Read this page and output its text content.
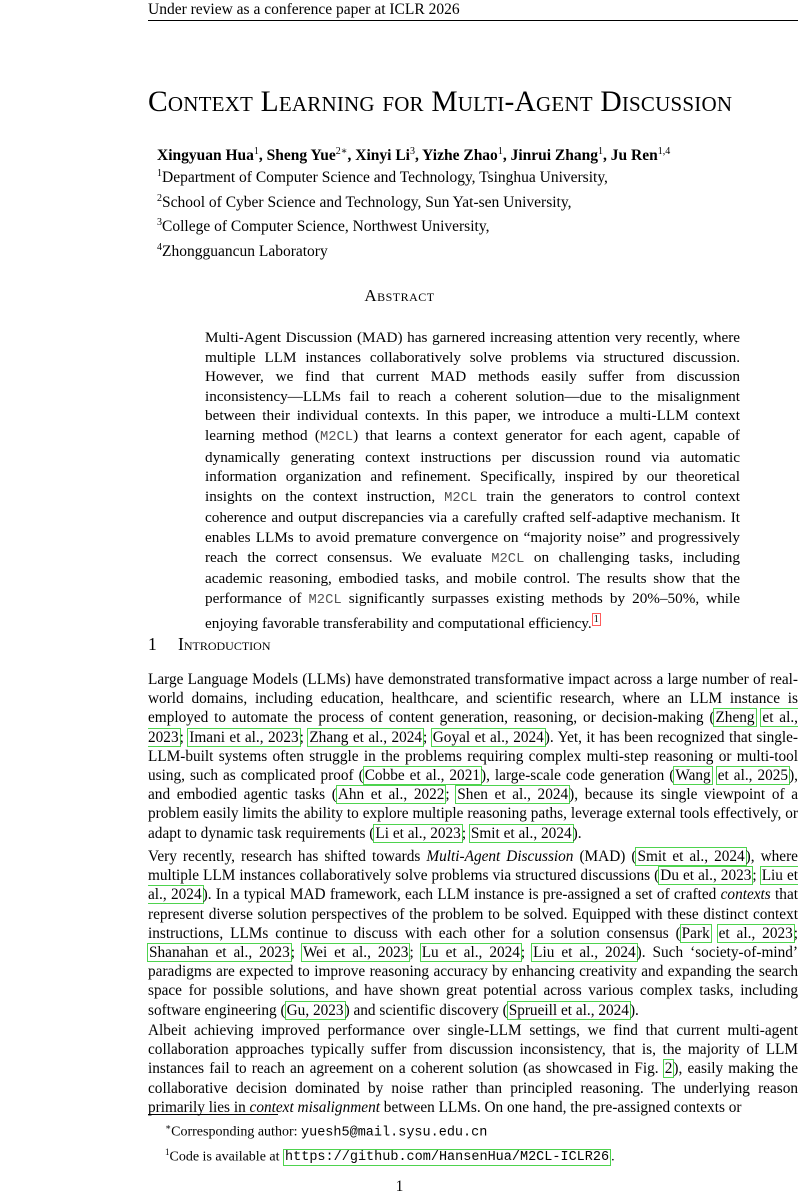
Under review as a conference paper at ICLR 2026
Context Learning for Multi-Agent Discussion
Xingyuan Hua$^1$, Sheng Yue$^{2∗}$, Xinyi Li$^3$, Yizhe Zhao$^1$, Jinrui Zhang$^1$, Ju Ren$^{1,4}$
$^1$Department of Computer Science and Technology, Tsinghua University,
$^2$School of Cyber Science and Technology, Sun Yat-sen University,
$^3$College of Computer Science, Northwest University,
$^4$Zhongguancun Laboratory
Abstract
Multi-Agent Discussion (MAD) has garnered increasing attention very recently, where multiple LLM instances collaboratively solve problems via structured discussion. However, we find that current MAD methods easily suffer from discussion inconsistency—LLMs fail to reach a coherent solution—due to the misalignment between their individual contexts. In this paper, we introduce a multi-LLM context learning method (M2CL) that learns a context generator for each agent, capable of dynamically generating context instructions per discussion round via automatic information organization and refinement. Specifically, inspired by our theoretical insights on the context instruction, M2CL train the generators to control context coherence and output discrepancies via a carefully crafted self-adaptive mechanism. It enables LLMs to avoid premature convergence on “majority noise” and progressively reach the correct consensus. We evaluate M2CL on challenging tasks, including academic reasoning, embodied tasks, and mobile control. The results show that the performance of M2CL significantly surpasses existing methods by 20%–50%, while enjoying favorable transferability and computational efficiency. $^1$
1 Introduction
Large Language Models (LLMs) have demonstrated transformative impact across a large number of real-world domains, including education, healthcare, and scientific research, where an LLM instance is employed to automate the process of content generation, reasoning, or decision-making (Zheng et al., 2023; Imani et al., 2023; Zhang et al., 2024; Goyal et al., 2024). Yet, it has been recognized that single-LLM-built systems often struggle in the problems requiring complex multi-step reasoning or multi-tool using, such as complicated proof (Cobbe et al., 2021), large-scale code generation (Wang et al., 2025), and embodied agentic tasks (Ahn et al., 2022; Shen et al., 2024), because its single viewpoint of a problem easily limits the ability to explore multiple reasoning paths, leverage external tools effectively, or adapt to dynamic task requirements (Li et al., 2023; Smit et al., 2024).
Very recently, research has shifted towards Multi-Agent Discussion (MAD) (Smit et al., 2024), where multiple LLM instances collaboratively solve problems via structured discussions (Du et al., 2023; Liu et al., 2024). In a typical MAD framework, each LLM instance is pre-assigned a set of crafted contexts that represent diverse solution perspectives of the problem to be solved. Equipped with these distinct context instructions, LLMs continue to discuss with each other for a solution consensus (Park et al., 2023; Shanahan et al., 2023; Wei et al., 2023; Lu et al., 2024; Liu et al., 2024). Such ‘society-of-mind’ paradigms are expected to improve reasoning accuracy by enhancing creativity and expanding the search space for possible solutions, and have shown great potential across various complex tasks, including software engineering (Gu, 2023) and scientific discovery (Sprueill et al., 2024).
Albeit achieving improved performance over single-LLM settings, we find that current multi-agent collaboration approaches typically suffer from discussion inconsistency, that is, the majority of LLM instances fail to reach an agreement on a coherent solution (as showcased in Fig. 2), easily making the collaborative decision dominated by noise rather than principled reasoning. The underlying reason primarily lies in context misalignment between LLMs. On one hand, the pre-assigned contexts or
∗Corresponding author: yuesh5@mail.sysu.edu.cn
$^1$Code is available at https://github.com/HansenHua/M2CL-ICLR26 .
1
